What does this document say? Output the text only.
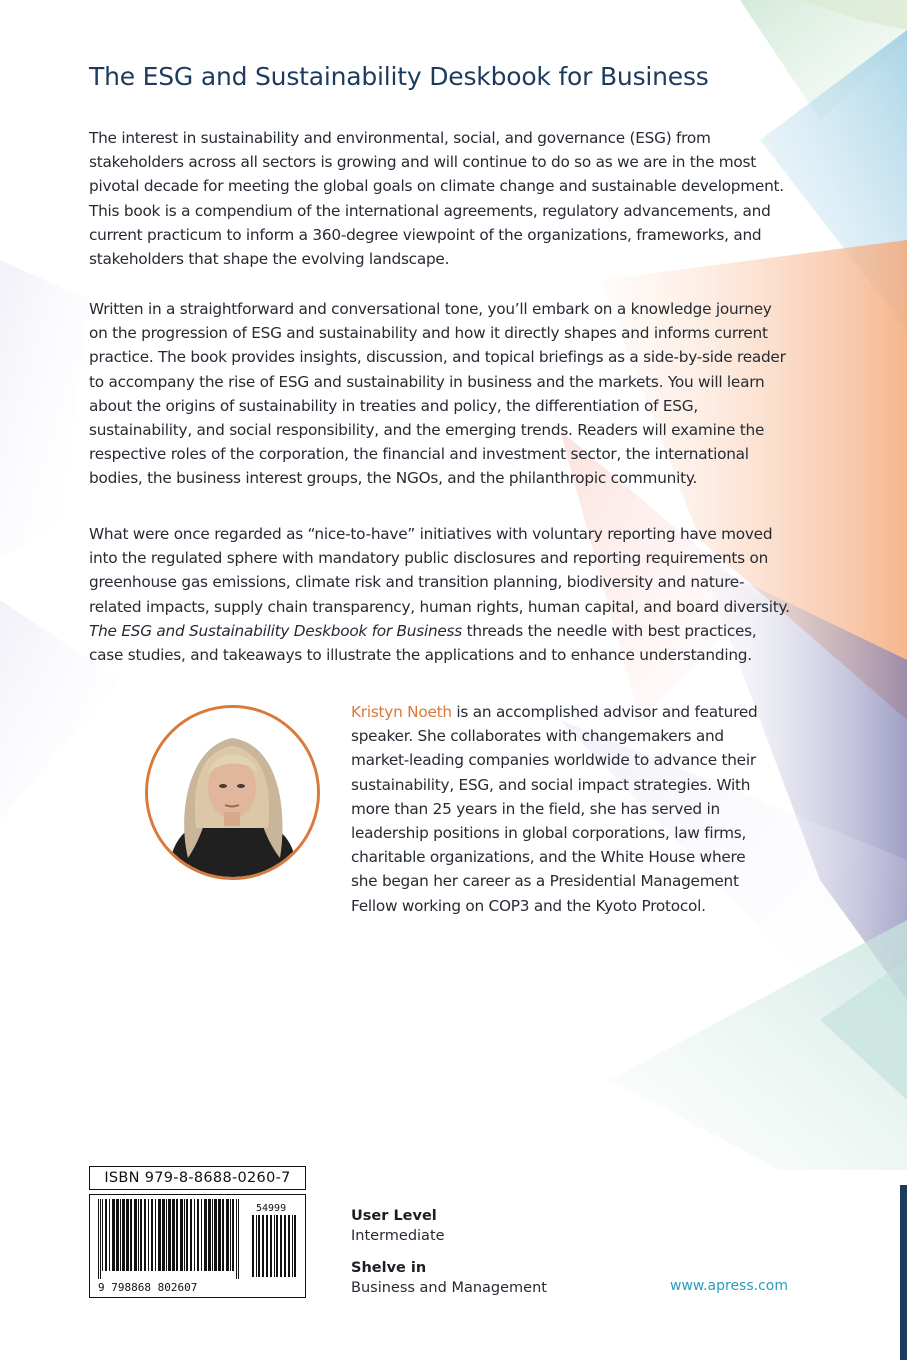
The ESG and Sustainability Deskbook for Business

The interest in sustainability and environmental, social, and governance (ESG) from stakeholders across all sectors is growing and will continue to do so as we are in the most pivotal decade for meeting the global goals on climate change and sustainable development. This book is a compendium of the international agreements, regulatory advancements, and current practicum to inform a 360-degree viewpoint of the organizations, frameworks, and stakeholders that shape the evolving landscape.

Written in a straightforward and conversational tone, you’ll embark on a knowledge journey on the progression of ESG and sustainability and how it directly shapes and informs current practice. The book provides insights, discussion, and topical briefings as a side-by-side reader to accompany the rise of ESG and sustainability in business and the markets. You will learn about the origins of sustainability in treaties and policy, the differentiation of ESG, sustainability, and social responsibility, and the emerging trends. Readers will examine the respective roles of the corporation, the financial and investment sector, the international bodies, the business interest groups, the NGOs, and the philanthropic community.

What were once regarded as “nice-to-have” initiatives with voluntary reporting have moved into the regulated sphere with mandatory public disclosures and reporting requirements on greenhouse gas emissions, climate risk and transition planning, biodiversity and nature-related impacts, supply chain transparency, human rights, human capital, and board diversity. The ESG and Sustainability Deskbook for Business threads the needle with best practices, case studies, and takeaways to illustrate the applications and to enhance understanding.

Kristyn Noeth is an accomplished advisor and featured speaker. She collaborates with changemakers and market-leading companies worldwide to advance their sustainability, ESG, and social impact strategies. With more than 25 years in the field, she has served in leadership positions in global corporations, law firms, charitable organizations, and the White House where she began her career as a Presidential Management Fellow working on COP3 and the Kyoto Protocol.
ISBN 979-8-8688-0260-7
9 798868 802607
54999	User Level
Intermediate
Shelve in
Business and Management	www.apress.com
